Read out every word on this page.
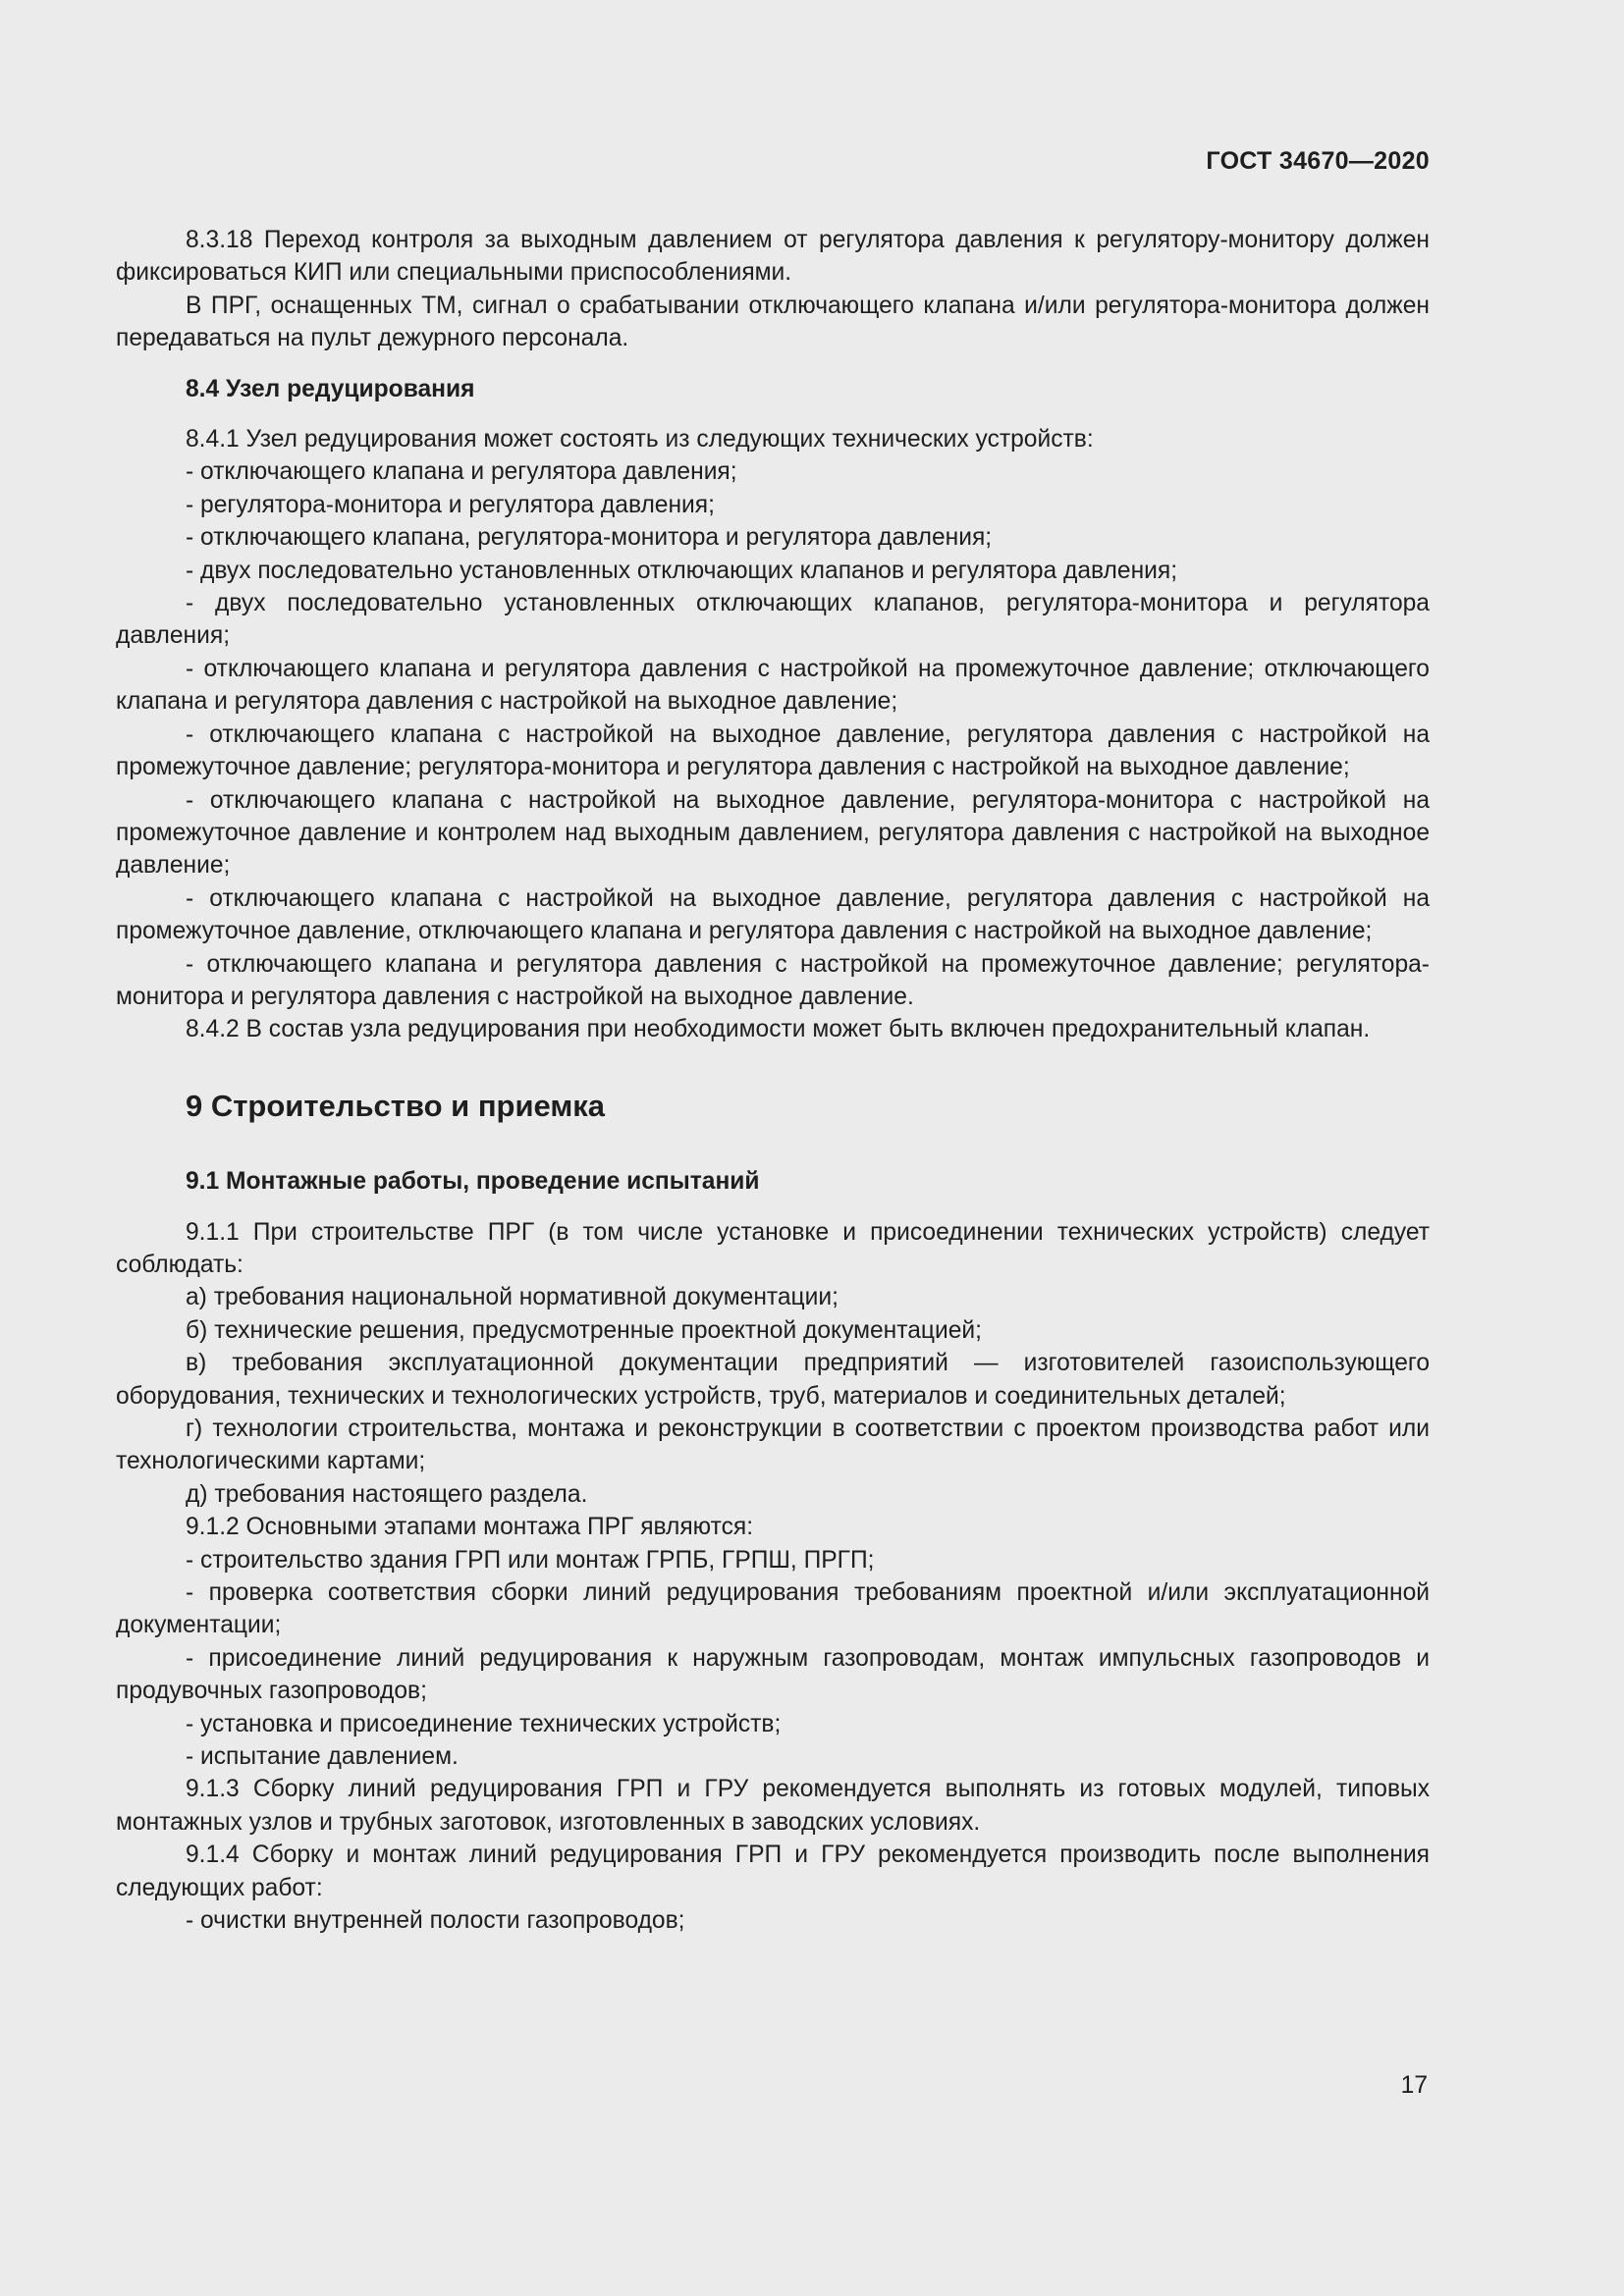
ГОСТ 34670—2020

8.3.18 Переход контроля за выходным давлением от регулятора давления к регулятору-монитору должен фиксироваться КИП или специальными приспособлениями.

В ПРГ, оснащенных ТМ, сигнал о срабатывании отключающего клапана и/или регулятора-монитора должен передаваться на пульт дежурного персонала.

8.4 Узел редуцирования

8.4.1 Узел редуцирования может состоять из следующих технических устройств:

- отключающего клапана и регулятора давления;

- регулятора-монитора и регулятора давления;

- отключающего клапана, регулятора-монитора и регулятора давления;

- двух последовательно установленных отключающих клапанов и регулятора давления;

- двух последовательно установленных отключающих клапанов, регулятора-монитора и регулятора давления;

- отключающего клапана и регулятора давления с настройкой на промежуточное давление; отключающего клапана и регулятора давления с настройкой на выходное давление;

- отключающего клапана с настройкой на выходное давление, регулятора давления с настройкой на промежуточное давление; регулятора-монитора и регулятора давления с настройкой на выходное давление;

- отключающего клапана с настройкой на выходное давление, регулятора-монитора с настройкой на промежуточное давление и контролем над выходным давлением, регулятора давления с настройкой на выходное давление;

- отключающего клапана с настройкой на выходное давление, регулятора давления с настройкой на промежуточное давление, отключающего клапана и регулятора давления с настройкой на выходное давление;

- отключающего клапана и регулятора давления с настройкой на промежуточное давление; регулятора-монитора и регулятора давления с настройкой на выходное давление.

8.4.2 В состав узла редуцирования при необходимости может быть включен предохранительный клапан.

9 Строительство и приемка
9.1 Монтажные работы, проведение испытаний

9.1.1 При строительстве ПРГ (в том числе установке и присоединении технических устройств) следует соблюдать:

а) требования национальной нормативной документации;

б) технические решения, предусмотренные проектной документацией;

в) требования эксплуатационной документации предприятий — изготовителей газоиспользующего оборудования, технических и технологических устройств, труб, материалов и соединительных деталей;

г) технологии строительства, монтажа и реконструкции в соответствии с проектом производства работ или технологическими картами;

д) требования настоящего раздела.

9.1.2 Основными этапами монтажа ПРГ являются:

- строительство здания ГРП или монтаж ГРПБ, ГРПШ, ПРГП;

- проверка соответствия сборки линий редуцирования требованиям проектной и/или эксплуатационной документации;

- присоединение линий редуцирования к наружным газопроводам, монтаж импульсных газопроводов и продувочных газопроводов;

- установка и присоединение технических устройств;

- испытание давлением.

9.1.3 Сборку линий редуцирования ГРП и ГРУ рекомендуется выполнять из готовых модулей, типовых монтажных узлов и трубных заготовок, изготовленных в заводских условиях.

9.1.4 Сборку и монтаж линий редуцирования ГРП и ГРУ рекомендуется производить после выполнения следующих работ:

- очистки внутренней полости газопроводов;

17
